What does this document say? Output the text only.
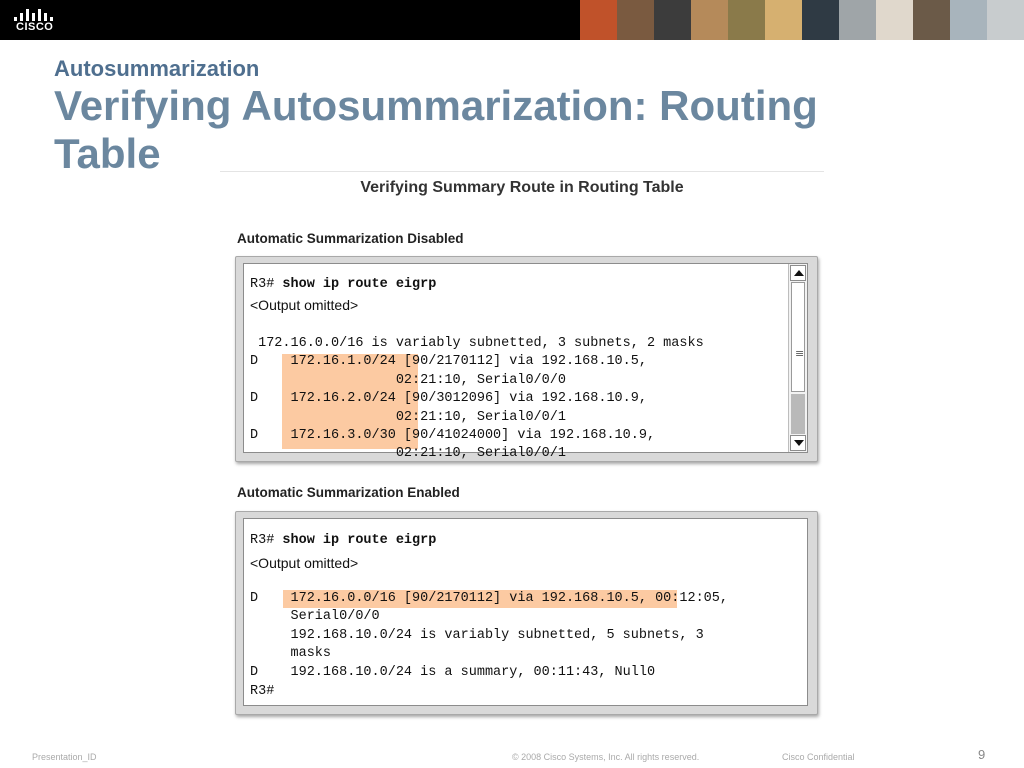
CISCO
Autosummarization
Verifying Autosummarization: Routing Table
Verifying Summary Route in Routing Table
Automatic Summarization Disabled
R3# show ip route eigrp
<Output omitted>
172.16.0.0/16 is variably subnetted, 3 subnets, 2 masks
D    172.16.1.0/24 [90/2170112] via 192.168.10.5,
02:21:10, Serial0/0/0
D    172.16.2.0/24 [90/3012096] via 192.168.10.9,
02:21:10, Serial0/0/1
D    172.16.3.0/30 [90/41024000] via 192.168.10.9,
02:21:10, Serial0/0/1
≡
Automatic Summarization Enabled
R3# show ip route eigrp
<Output omitted>
D    172.16.0.0/16 [90/2170112] via 192.168.10.5, 00:12:05,
Serial0/0/0
192.168.10.0/24 is variably subnetted, 5 subnets, 3
masks
D    192.168.10.0/24 is a summary, 00:11:43, Null0
R3#
Presentation_ID	© 2008 Cisco Systems, Inc. All rights reserved.	Cisco Confidential	9
